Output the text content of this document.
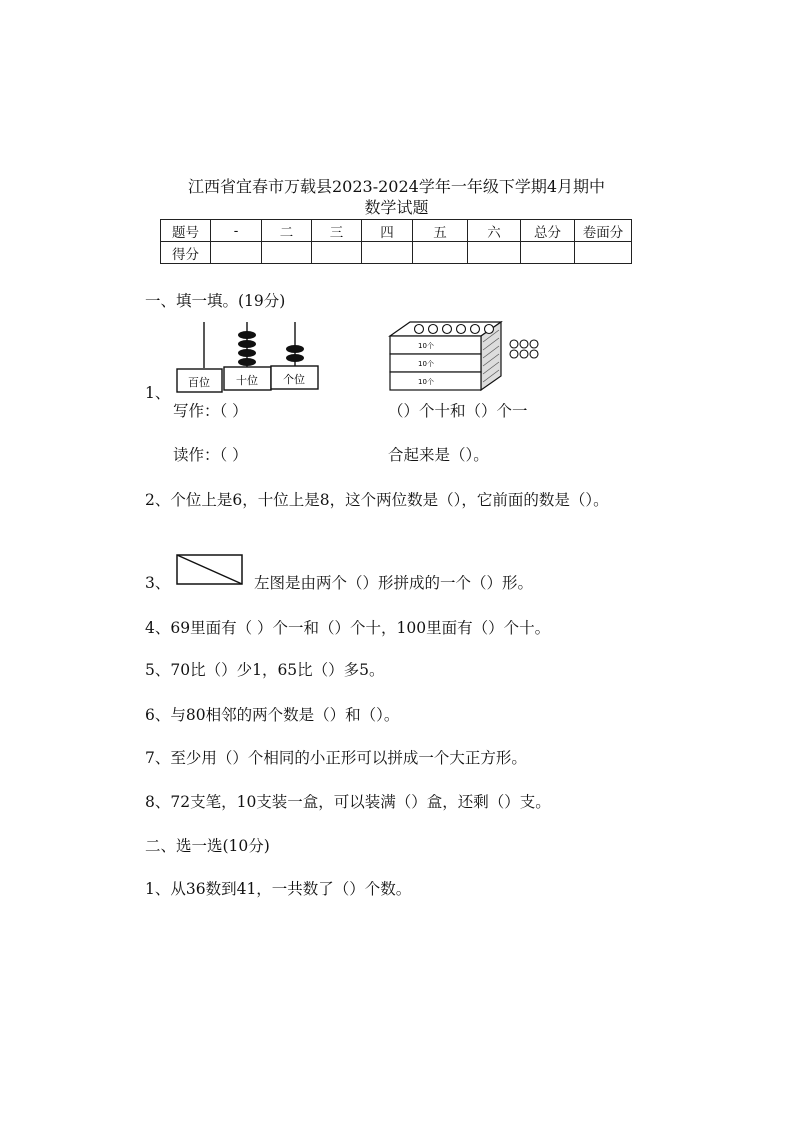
江西省宜春市万载县2023-2024学年一年级下学期4月期中
数学试题
题号	-	二	三	四	五	六	总分	卷面分
得分								
一、填一填。(19分)
百位 十位 个位
1、
10个
10个
10个
写作：（ ）	（）个十和（）个一
读作：（ ）	合起来是（）。
2、个位上是6，十位上是8，这个两位数是（），它前面的数是（）。
3、	左图是由两个（）形拼成的一个（）形。
4、69里面有（ ）个一和（）个十，100里面有（）个十。
5、70比（）少1，65比（）多5。
6、与80相邻的两个数是（）和（）。
7、至少用（）个相同的小正形可以拼成一个大正方形。
8、72支笔，10支装一盒，可以装满（）盒，还剩（）支。
二、选一选(10分)
1、从36数到41，一共数了（）个数。
